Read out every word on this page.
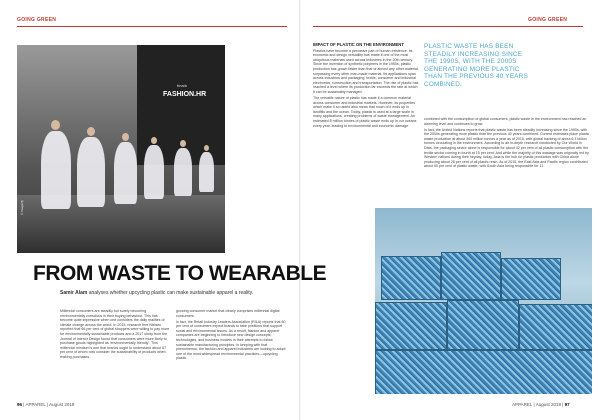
GOING GREEN	GOING GREEN
fmark
FASHION.HR
© Imaginify
FROM WASTE TO WEARABLE
Samir Alam analyses whether upcycling plastic can make sustainable apparel a reality.

Millennial consumers are steadily but surely becoming environmentally conscious in their buying behaviour. This has become quite impressive when one considers the daily realities of climate change across the world. In 2015, research firm Nielsen reported that 66 per cent of global shoppers were willing to pay more for environmentally sustainable products and a 2017 study from the Journal of Interior Design found that consumers were more likely to purchase goods highlighted as ‘environmentally friendly’. This millennial mindset is one that brands ought to understand about 67 per cent of whom now consider the sustainability of products when making purchases.

growing consumer market that clearly comprises millennial digital consumers.

In fact, the Retail Industry Leaders Association (RILA) reports that 60 per cent of consumers expect brands to take positions that support social and environmental issues. As a result, fashion and apparel companies are beginning to introduce new design concepts, technologies, and business models in their attempts to follow sustainable manufacturing principles. In keeping with that phenomenon, the fashion and apparel industries are looking to adopt one of the most widespread environmental practices—upcycling plastic.

IMPACT OF PLASTIC ON THE ENVIRONMENT

Plastics have become a pervasive part of human existence. Its economic and design versatility has made it one of the most ubiquitous materials used across industries in the 20th century. Since the invention of synthetic polymers in the 1950s, plastic production has grown faster than that of almost any other material, surpassing every other man-made material. Its applications span across industries and packaging, textile, consumer and industrial electronics, construction and transportation. The rise of plastic has reached a level where its production far exceeds the rate at which it can be sustainably managed.

The versatile nature of plastic has made it a common material across consumer and industrial markets. However, its properties which make it so useful also mean that much of it ends up in landfills and the ocean. Today, plastic is used at a large scale in many applications, creating problems of waste management. An estimated 8 million tonnes of plastic waste ends up in our oceans every year, leading to environmental and economic damage.

PLASTIC WASTE HAS BEEN STEADILY INCREASING SINCE THE 1990S, WITH THE 2000S GENERATING MORE PLASTIC THAN THE PREVIOUS 40 YEARS COMBINED.

combined with the consumption of global consumers, plastic waste in the environment has reached an alarming level and continues to grow.

In fact, the United Nations reports that plastic waste has been steadily increasing since the 1990s, with the 2000s generating more plastic than the previous 40 years combined. Current estimates place plastic waste production at about 300 million tonnes a year as of 2015, with global tracking of about 6.3 billion tonnes circulating in the environment. According to an in-depth research conducted by Our World in Data, the packaging sector alone is responsible for about 42 per cent of all plastic consumption with the textile sector coming in fourth at 15 per cent. And while the majority of this wastage was originally led by Western nations during their heyday, today, Asia is the hub for plastic production with China alone producing about 28 per cent of all plastic resin. As of 2015, the East Asia and Pacific region contributed about 60 per cent of plastic waste, with South Asia being responsible for 11

96 | APPAREL | August 2019	APPAREL | August 2019 | 97
